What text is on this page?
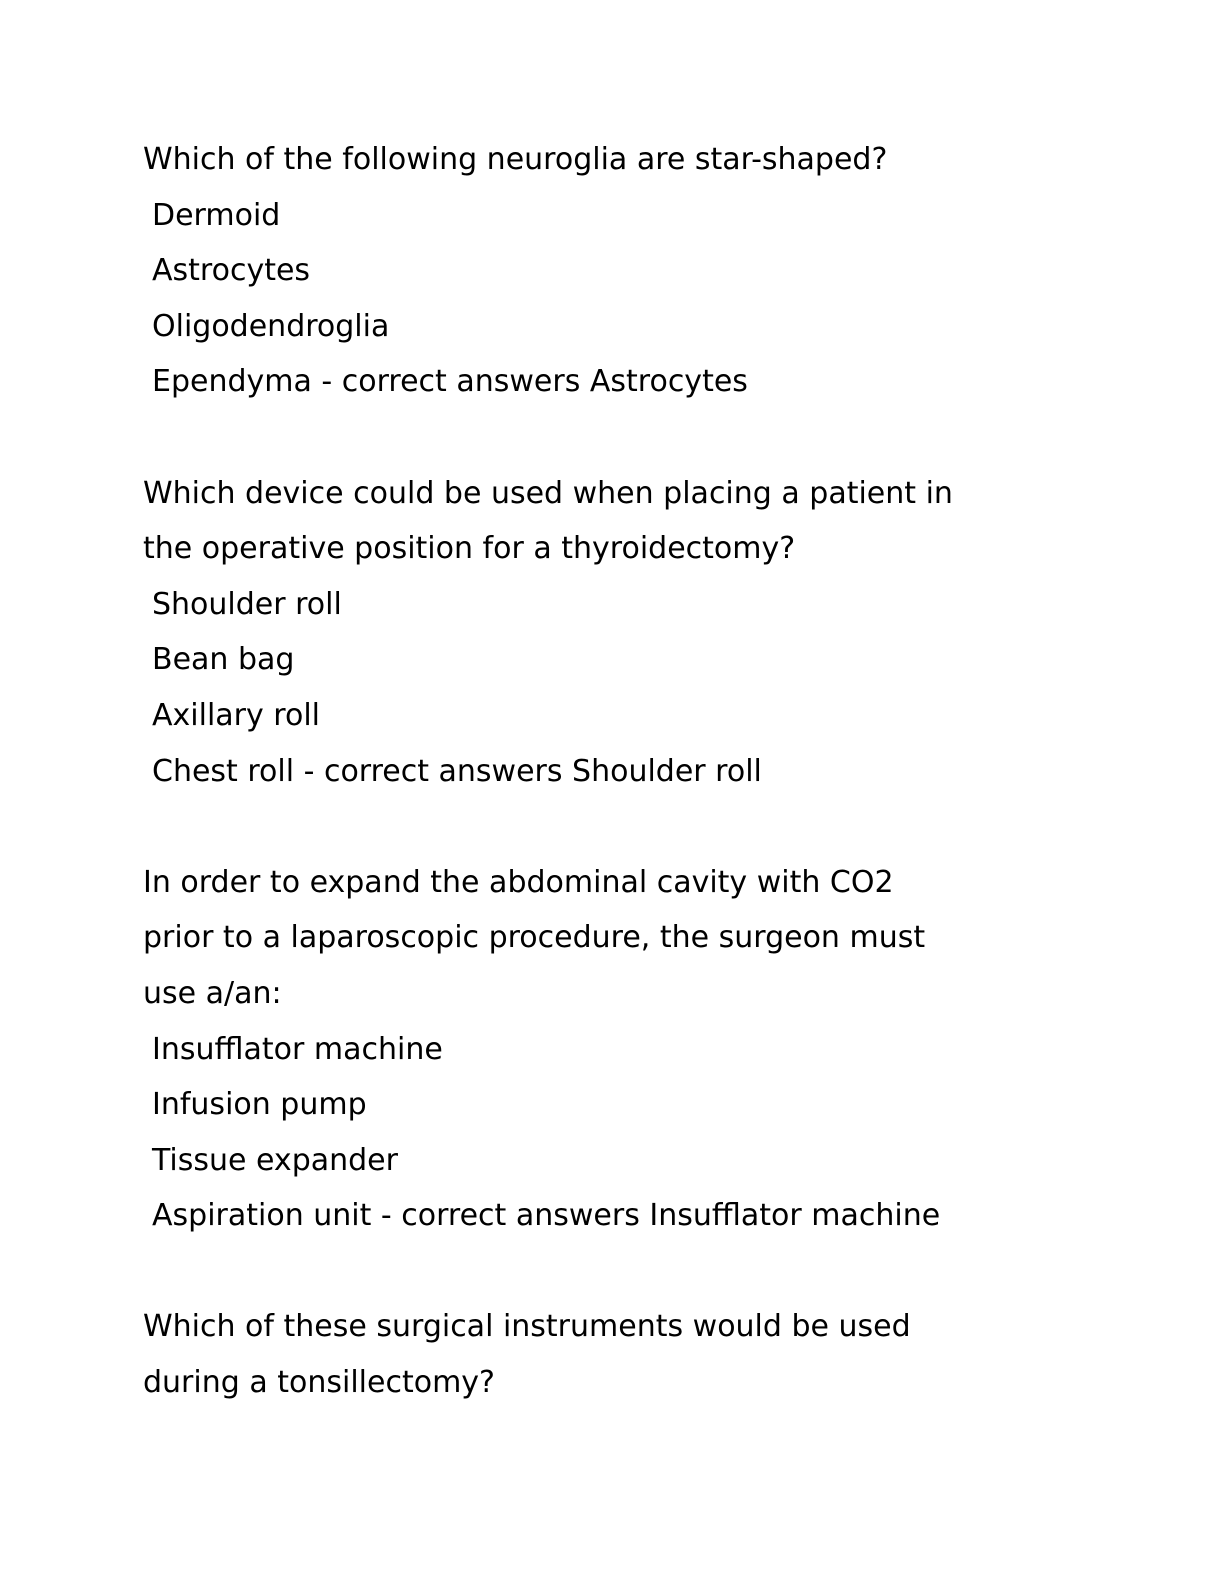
Which of the following neuroglia are star-shaped?
Dermoid
Astrocytes
Oligodendroglia
Ependyma - correct answers Astrocytes
Which device could be used when placing a patient in
the operative position for a thyroidectomy?
Shoulder roll
Bean bag
Axillary roll
Chest roll - correct answers Shoulder roll
In order to expand the abdominal cavity with CO2
prior to a laparoscopic procedure, the surgeon must
use a/an:
Insufflator machine
Infusion pump
Tissue expander
Aspiration unit - correct answers Insufflator machine
Which of these surgical instruments would be used
during a tonsillectomy?
